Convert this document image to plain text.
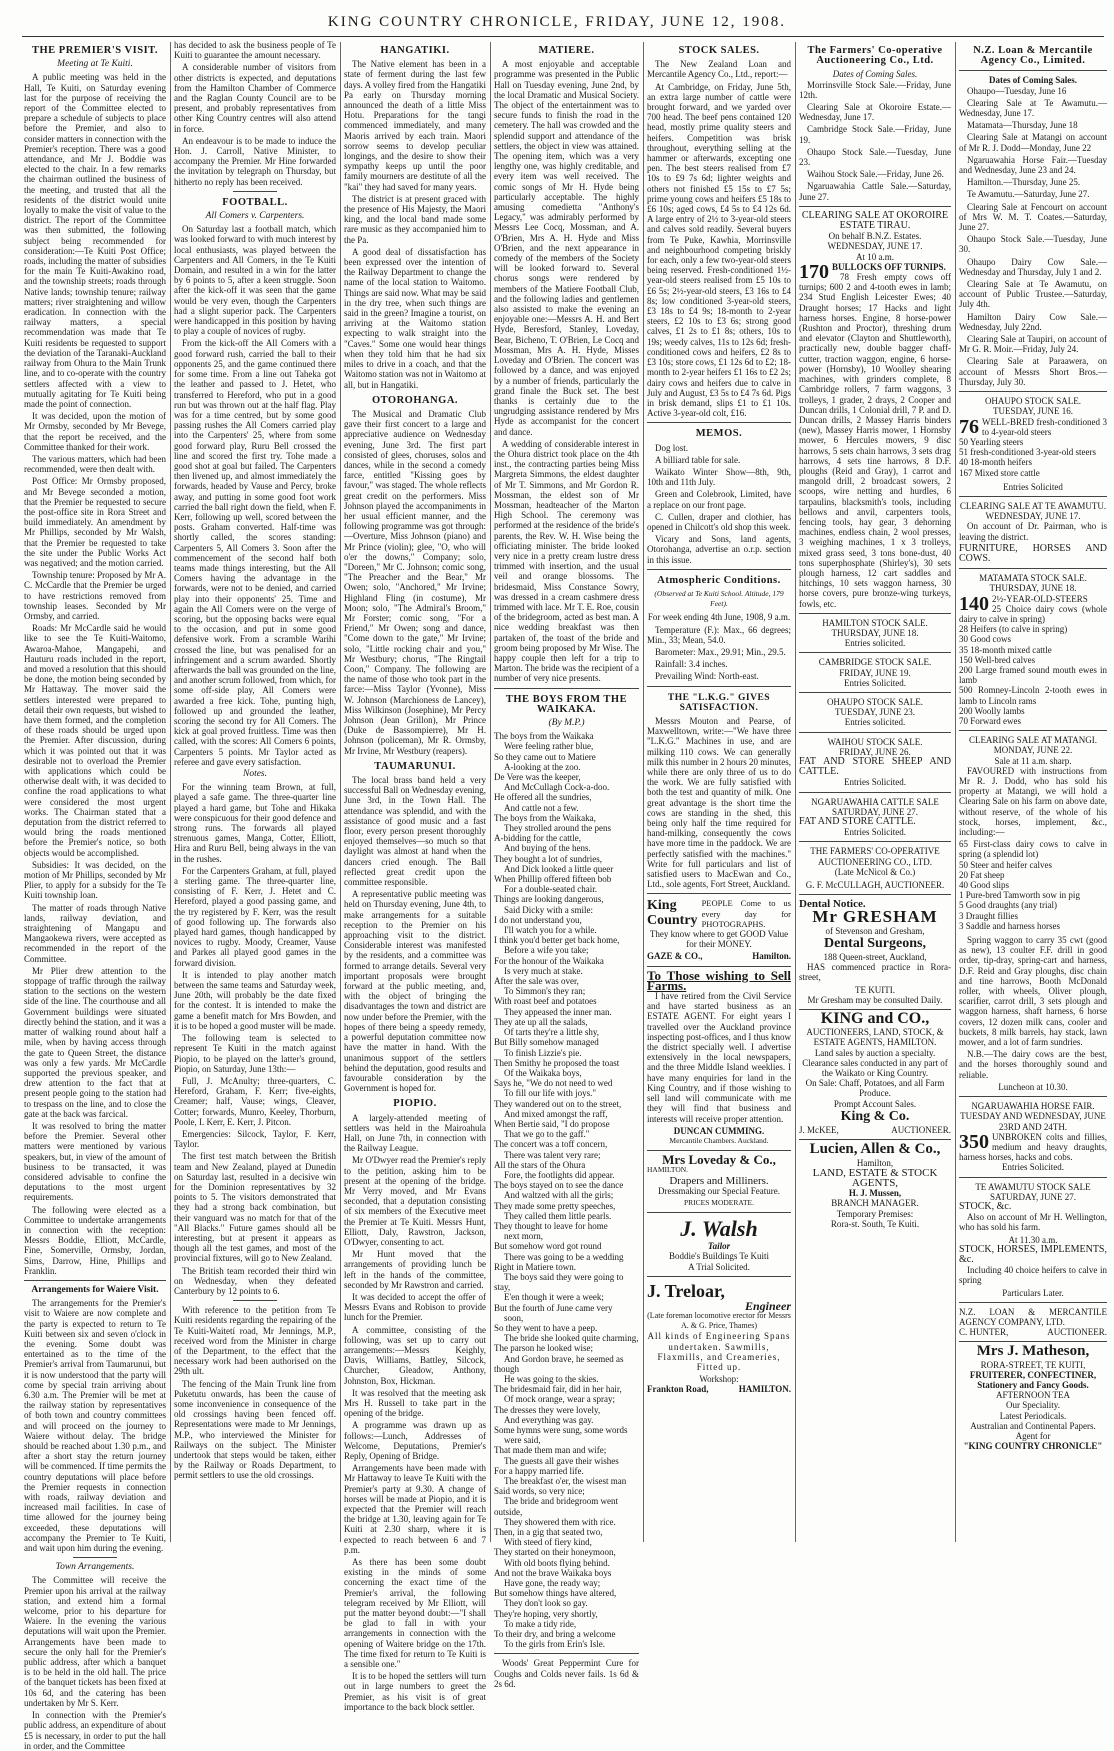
KING COUNTRY CHRONICLE, FRIDAY, JUNE 12, 1908.
THE PREMIER'S VISIT.
Meeting at Te Kuiti.

A public meeting was held in the Hall, Te Kuiti, on Saturday evening last for the purpose of receiving the report of the Committee elected to prepare a schedule of subjects to place before the Premier, and also to consider matters in connection with the Premier's reception. There was a good attendance, and Mr J. Boddie was elected to the chair. In a few remarks the chairman outlined the business of the meeting, and trusted that all the residents of the district would unite loyally to make the visit of value to the district. The report of the Committee was then submitted, the following subject being recommended for consideration:—Te Kuiti Post Office; roads, including the matter of subsidies for the main Te Kuiti-Awakino road, and the township streets; roads through Native lands; township tenure; railway matters; river straightening and willow eradication. In connection with the railway matters, a special recommendation was made that Te Kuiti residents be requested to support the deviation of the Taranaki-Auckland railway from Ohura to the Main Trunk line, and to co-operate with the country settlers affected with a view to mutually agitating for Te Kuiti being made the point of connection.

It was decided, upon the motion of Mr Ormsby, seconded by Mr Bevege, that the report be received, and the Committee thanked for their work.

The various matters, which had been recommended, were then dealt with.

Post Office: Mr Ormsby proposed, and Mr Bevege seconded a motion, that the Premier be requested to secure the post-office site in Rora Street and build immediately. An amendment by Mr Phillips, seconded by Mr Walsh, that the Premier be requested to take the site under the Public Works Act was negatived; and the motion carried.

Township tenure: Proposed by Mr A. C. McCardle that the Premier be urged to have restrictions removed from township leases. Seconded by Mr Ormsby, and carried.

Roads: Mr McCardle said he would like to see the Te Kuiti-Waitomo, Awaroa-Mahoe, Mangapehi, and Hauturu roads included in the report, and moved a resolution that this should be done, the motion being seconded by Mr Hattaway. The mover said the settlers interested were prepared to detail their own requests, but wished to have them formed, and the completion of these roads should be urged upon the Premier. After discussion, during which it was pointed out that it was desirable not to overload the Premier with applications which could be otherwise dealt with, it was decided to confine the road applications to what were considered the most urgent works. The Chairman stated that a deputation from the district referred to would bring the roads mentioned before the Premier's notice, so both objects would be accomplished.

Subsidies: It was decided, on the motion of Mr Phillips, seconded by Mr Plier, to apply for a subsidy for the Te Kuiti township loan.

The matter of roads through Native lands, railway deviation, and straightening of Mangapu and Mangaokewa rivers, were accepted as recommended in the report of the Committee.

Mr Plier drew attention to the stoppage of traffic through the railway station to the sections on the western side of the line. The courthouse and all Government buildings were situated directly behind the station, and it was a matter of walking round about half a mile, when by having access through the gate to Queen Street, the distance was only a few yards. Mr McCardle supported the previous speaker, and drew attention to the fact that at present people going to the station had to trespass on the line, and to close the gate at the back was farcical.

It was resolved to bring the matter before the Premier. Several other matters were mentioned by various speakers, but, in view of the amount of business to be transacted, it was considered advisable to confine the deputations to the most urgent requirements.

The following were elected as a Committee to undertake arrangements in connection with the reception: Messrs Boddie, Elliott, McCardle, Fine, Somerville, Ormsby, Jordan, Sims, Darrow, Hine, Phillips and Franklin.

Arrangements for Waiere Visit.

The arrangements for the Premier's visit to Waiere are now complete and the party is expected to return to Te Kuiti between six and seven o'clock in the evening. Some doubt was entertained as to the time of the Premier's arrival from Taumarunui, but it is now understood that the party will come by special train arriving about 6.30 a.m. The Premier will be met at the railway station by representatives of both town and country committees and will proceed on the journey to Waiere without delay. The bridge should be reached about 1.30 p.m., and after a short stay the return journey will be commenced. If time permits the country deputations will place before the Premier requests in connection with roads, railway deviation and increased mail facilities. In case of time allowed for the journey being exceeded, these deputations will accompany the Premier to Te Kuiti, and wait upon him during the evening.

Town Arrangements.

The Committee will receive the Premier upon his arrival at the railway station, and extend him a formal welcome, prior to his departure for Waiere. In the evening the various deputations will wait upon the Premier. Arrangements have been made to secure the only hall for the Premier's public address, after which a banquet is to be held in the old hall. The price of the banquet tickets has been fixed at 10s 6d, and the catering has been undertaken by Mr S. Kerr.

In connection with the Premier's public address, an expenditure of about £5 is necessary, in order to put the hall in order, and the Committee

has decided to ask the business people of Te Kuiti to guarantee the amount necessary.

A considerable number of visitors from other districts is expected, and deputations from the Hamilton Chamber of Commerce and the Raglan County Council are to be present, and probably representatives from other King Country centres will also attend in force.

An endeavour is to be made to induce the Hon. J. Carroll, Native Minister, to accompany the Premier. Mr Hine forwarded the invitation by telegraph on Thursday, but hitherto no reply has been received.

FOOTBALL.
All Comers v. Carpenters.

On Saturday last a football match, which was looked forward to with much interest by local enthusiasts, was played between the Carpenters and All Comers, in the Te Kuiti Domain, and resulted in a win for the latter by 6 points to 5, after a keen struggle. Soon after the kick-off it was seen that the game would be very even, though the Carpenters had a slight superior pack. The Carpenters were handicapped in this position by having to play a couple of novices of rugby.

From the kick-off the All Comers with a good forward rush, carried the ball to their opponents 25, and the game continued there for some time. From a line out Taheka got the leather and passed to J. Hetet, who transferred to Hereford, who put in a good run but was thrown out at the half flag. Play was for a time centred, but by some good passing rushes the All Comers carried play into the Carpenters' 25, where from some good forward play, Ruru Bell crossed the line and scored the first try. Tohe made a good shot at goal but failed. The Carpenters then livened up, and almost immediately the forwards, headed by Vause and Percy, broke away, and putting in some good foot work carried the ball right down the field, when F. Kerr, following up well, scored between the posts. Graham converted. Half-time was shortly called, the scores standing: Carpenters 5, All Comers 3. Soon after the commencement of the second half both teams made things interesting, but the All Comers having the advantage in the forwards, were not to be denied, and carried play into their opponents' 25. Time and again the All Comers were on the verge of scoring, but the opposing backs were equal to the occasion, and put in some good defensive work. From a scramble Warihi crossed the line, but was penalised for an infringement and a scrum awarded. Shortly afterwards the ball was grounded on the line, and another scrum followed, from which, for some off-side play, All Comers were awarded a free kick. Tohe, punting high, followed up and grounded the leather, scoring the second try for All Comers. The kick at goal proved fruitless. Time was then called, with the scores: All Comers 6 points, Carpenters 5 points. Mr Taylor acted as referee and gave every satisfaction.

Notes.

For the winning team Brown, at full, played a safe game. The three-quarter line played a hard game, but Tohe and Hikaka were conspicuous for their good defence and strong runs. The forwards all played strenuous games, Manga, Cotter, Elliott, Hira and Ruru Bell, being always in the van in the rushes.

For the Carpenters Graham, at full, played a sterling game. The three-quarter line, consisting of F. Kerr, J. Hetet and C. Hereford, played a good passing game, and the try registered by F. Kerr, was the result of good following up. The forwards also played hard games, though handicapped by novices to rugby. Moody, Creamer, Vause and Parkes all played good games in the forward division.

It is intended to play another match between the same teams and Saturday week, June 20th, will probably be the date fixed for the contest. It is intended to make the game a benefit match for Mrs Bowden, and it is to be hoped a good muster will be made.

The following team is selected to represent Te Kuiti in the match against Piopio, to be played on the latter's ground, Piopio, on Saturday, June 13th:—

Full, J. McAnulty; three-quarters, C. Hereford, Graham, F. Kerr; five-eights, Creamer; half, Vause; wings, Cleaver, Cotter; forwards, Munro, Keeley, Thorburn, Poole, I. Kerr, E. Kerr, J. Pitcon.

Emergencies: Silcock, Taylor, F. Kerr, Taylor.

The first test match between the British team and New Zealand, played at Dunedin on Saturday last, resulted in a decisive win for the Dominion representatives by 32 points to 5. The visitors demonstrated that they had a strong back combination, but their vanguard was no match for that of the "All Blacks." Future games should all be interesting, but at present it appears as though all the test games, and most of the provincial fixtures, will go to New Zealand.

The British team recorded their third win on Wednesday, when they defeated Canterbury by 12 points to 6.

With reference to the petition from Te Kuiti residents regarding the repairing of the Te Kuiti-Waitetí road, Mr Jennings, M.P., received word from the Minister in charge of the Department, to the effect that the necessary work had been authorised on the 29th ult.

The fencing of the Main Trunk line from Puketutu onwards, has been the cause of some inconvenience in consequence of the old crossings having been fenced off. Representations were made to Mr Jennings, M.P., who interviewed the Minister for Railways on the subject. The Minister undertook that steps would be taken, either by the Railway or Roads Department, to permit settlers to use the old crossings.

HANGATIKI.

The Native element has been in a state of ferment during the last few days. A volley fired from the Hangatiki Pa early on Thursday morning announced the death of a little Miss Hotu. Preparations for the tangi commenced immediately, and many Maoris arrived by each train. Maori sorrow seems to develop peculiar longings, and the desire to show their sympathy keeps up until the poor family mourners are destitute of all the "kai" they had saved for many years.

The district is at present graced with the presence of His Majesty, the Maori king, and the local band made some rare music as they accompanied him to the Pa.

A good deal of dissatisfaction has been expressed over the intention of the Railway Department to change the name of the local station to Waitomo. Things are said now. What may be said in the dry tree, when such things are said in the green? Imagine a tourist, on arriving at the Waitomo station expecting to walk straight into the "Caves." Some one would hear things when they told him that he had six miles to drive in a coach, and that the Waitomo station was not in Waitomo at all, but in Hangatiki.

OTOROHANGA.

The Musical and Dramatic Club gave their first concert to a large and appreciative audience on Wednesday evening, June 3rd. The first part consisted of glees, choruses, solos and dances, while in the second a comedy farce, entitled "Kissing goes by favour," was staged. The whole reflects great credit on the performers. Miss Johnson played the accompaniments in her usual efficient manner, and the following programme was got through:—Overture, Miss Johnson (piano) and Mr Prince (violin); glee, "O, who will o'er the downs," Company; solo, "Doreen," Mr C. Johnson; comic song, "The Preacher and the Bear," Mr Owen; solo, "Anchored," Mr Irvine; Highland Fling (in costume), Mr Moon; solo, "The Admiral's Broom," Mr Forster; comic song, "For a Friend," Mr Owen; song and dance, "Come down to the gate," Mr Irvine; solo, "Little rocking chair and you," Mr Westbury; chorus, "The Ringtail Coon," Company. The following are the name of those who took part in the farce:—Miss Taylor (Yvonne), Miss W. Johnson (Marchioness de Lancey), Miss Wilkinson (Josephine), Mr Percy Johnson (Jean Grillon), Mr Prince (Duke de Bassompierre), Mr H. Johnson (policeman), Mr R. Ormsby, Mr Irvine, Mr Westbury (reapers).

TAUMARUNUI.

The local brass band held a very successful Ball on Wednesday evening, June 3rd, in the Town Hall. The attendance was splendid, and with the assistance of good music and a fast floor, every person present thoroughly enjoyed themselves—so much so that daylight was almost at hand when the dancers cried enough. The Ball reflected great credit upon the committee responsible.

A representative public meeting was held on Thursday evening, June 4th, to make arrangements for a suitable reception to the Premier on his approaching visit to the district. Considerable interest was manifested by the residents, and a committee was formed to arrange details. Several very important proposals were brought forward at the public meeting, and, with the object of bringing the disadvantages the town and district are now under before the Premier, with the hopes of there being a speedy remedy, a powerful deputation committee now have the matter in hand. With the unanimous support of the settlers behind the deputation, good results and favourable consideration by the Government is hoped for.

PIOPIO.

A largely-attended meeting of settlers was held in the Mairoahula Hall, on June 7th, in connection with the Railway League.

Mr O'Dwyer read the Premier's reply to the petition, asking him to be present at the opening of the bridge. Mr Verry moved, and Mr Evans seconded, that a deputation consisting of six members of the Executive meet the Premier at Te Kuiti. Messrs Hunt, Elliott, Daly, Rawstron, Jackson, O'Dwyer, consenting to act.

Mr Hunt moved that the arrangements of providing lunch be left in the hands of the committee, seconded by Mr Rawstron and carried.

It was decided to accept the offer of Messrs Evans and Robison to provide lunch for the Premier.

A committee, consisting of the following, was set up to carry out arrangements:—Messrs Keighly, Davis, Williams, Battley, Silcock, Churcher, Gleadow, Anthony, Johnston, Box, Hickman.

It was resolved that the meeting ask Mrs H. Russell to take part in the opening of the bridge.

A programme was drawn up as follows:—Lunch, Addresses of Welcome, Deputations, Premier's Reply, Opening of Bridge.

Arrangements have been made with Mr Hattaway to leave Te Kuiti with the Premier's party at 9.30. A change of horses will be made at Piopio, and it is expected that the Premier will reach the bridge at 1.30, leaving again for Te Kuiti at 2.30 sharp, where it is expected to reach between 6 and 7 p.m.

As there has been some doubt existing in the minds of some concerning the exact time of the Premier's arrival, the following telegram received by Mr Elliott, will put the matter beyond doubt:—"I shall be glad to fall in with your arrangements in connection with the opening of Waitere bridge on the 17th. The time fixed for return to Te Kuiti is a sensible one."

It is to be hoped the settlers will turn out in large numbers to greet the Premier, as his visit is of great importance to the back block settler.

MATIERE.

A most enjoyable and acceptable programme was presented in the Public Hall on Tuesday evening, June 2nd, by the local Dramatic and Musical Society. The object of the entertainment was to secure funds to finish the road in the cemetery. The hall was crowded and the splendid support and attendance of the settlers, the object in view was attained. The opening item, which was a very lengthy one, was highly creditable, and every item was well received. The comic songs of Mr H. Hyde being particularly acceptable. The highly amusing comedietta "Anthony's Legacy," was admirably performed by Messrs Lee Cocq, Mossman, and A. O'Brien, Mrs A. H. Hyde and Miss O'Brien, and the next appearance in comedy of the members of the Society will be looked forward to. Several chorus songs were rendered by members of the Matiere Football Club, and the following ladies and gentlemen also assisted to make the evening an enjoyable one:—Messrs A. H. and Bert Hyde, Beresford, Stanley, Loveday, Bear, Bicheno, T. O'Brien, Le Cocq and Mossman, Mrs A. H. Hyde, Misses Loveday and O'Brien. The concert was followed by a dance, and was enjoyed by a number of friends, particularly the grand finale the Buck set. The best thanks is certainly due to the ungrudging assistance rendered by Mrs Hyde as accompanist for the concert and dance.

A wedding of considerable interest in the Ohura district took place on the 4th inst., the contracting parties being Miss Margreta Simmons, the eldest daughter of Mr T. Simmons, and Mr Gordon R. Mossman, the eldest son of Mr Mossman, headteacher of the Marton High School. The ceremony was performed at the residence of the bride's parents, the Rev. W. H. Wise being the officiating minister. The bride looked very nice in a pretty cream lustre dress trimmed with insertion, and the usual veil and orange blossoms. The bridesmaid, Miss Constance Sowry, was dressed in a cream cashmere dress trimmed with lace. Mr T. E. Roe, cousin of the bridegroom, acted as best man. A nice wedding breakfast was then partaken of, the toast of the bride and groom being proposed by Mr Wise. The happy couple then left for a trip to Marton. The bride was the recipient of a number of very nice presents.

THE BOYS FROM THE WAIKAKA.
(By M.P.)

The boys from the Waikaka

Were feeling rather blue,

So they came out to Matiere

A-looking at the zoo.

De Vere was the keeper,

And McCullagh Cock-a-doo.

He offered all the sundries,

And cattle not a few.

The boys from the Waikaka,

They strolled around the pens

A-bidding for the cattle,

And buying of the hens.

They bought a lot of sundries,

And Dick looked a little queer

When Phillip offered fifteen bob

For a double-seated chair.

Things are looking dangerous,

Said Dicky with a smile:

I do not understand you,

I'll watch you for a while.

I think you'd better get back home,

Before a wife you take;

For the honour of the Waikaka

Is very much at stake.

After the sale was over,

To Simmon's they ran;

With roast beef and potatoes

They appeased the inner man.

They ate up all the salads,

Of tarts they're a little shy,

But Billy somehow managed

To finish Lizzie's pie.

Then Smithy he proposed the toast

Of the Waikaka boys,

Says he, "We do not need to wed

To fill our life with joys."

They wandered out on to the street,

And mixed amongst the raff,

When Bertie said, "I do propose

That we go to the gaff."

The concert was a toff concern,

There was talent very rare;

All the stars of the Ohura

Fore, the footlights did appear.

The boys stayed on to see the dance

And waltzed with all the girls;

They made some pretty speeches,

They called them little pearls.

They thought to leave for home

next morn,

But somehow word got round

There was going to be a wedding

Right in Matiere town.

The boys said they were going to

stay,

E'en though it were a week;

But the fourth of June came very

soon,

So they went to have a peep.

The bride she looked quite charming,

The parson he looked wise;

And Gordon brave, he seemed as

though

He was going to the skies.

The bridesmaid fair, did in her hair,

Of mock orange, wear a spray;

The dresses they were lovely,

And everything was gay.

Some hymns were sung, some words

were said,

That made them man and wife;

The guests all gave their wishes

For a happy married life.

The breakfast o'er, the wisest man

Said words, so very nice;

The bride and bridegroom went

outside,

They showered them with rice.

Then, in a gig that seated two,

With steed of fiery kind,

They started on their honeymoon,

With old boots flying behind.

And not the brave Waikaka boys

Have gone, the ready way;

But somehow things have altered,

They don't look so gay.

They're hoping, very shortly,

To make a tidy ride,

To their dry, and bring a welcome

To the girls from Erin's Isle.

Woods' Great Peppermint Cure for Coughs and Colds never fails. 1s 6d & 2s 6d.

STOCK SALES.

The New Zealand Loan and Mercantile Agency Co., Ltd., report:—

At Cambridge, on Friday, June 5th, an extra large number of cattle were brought forward, and we yarded over 700 head. The beef pens contained 120 head, mostly prime quality steers and heifers. Competition was brisk throughout, everything selling at the hammer or afterwards, excepting one pen. The best steers realised from £7 10s to £9 7s 6d; lighter weights and others not finished £5 15s to £7 5s; prime young cows and heifers £5 18s to £6 10s; aged cows, £4 5s to £4 12s 6d. A large entry of 2½ to 3-year-old steers and calves sold readily. Several buyers from Te Puke, Kawhia, Morrinsville and neighbourhood competing briskly for each, only a few two-year-old steers being reserved. Fresh-conditioned 1½-year-old steers realised from £5 10s to £6 5s; 2½-year-old steers, £3 16s to £4 8s; low conditioned 3-year-old steers, £3 18s to £4 9s; 18-month to 2-year steers, £2 10s to £3 6s; strong good calves, £1 2s to £1 8s; others, 10s to 19s; weedy calves, 11s to 12s 6d; fresh-conditioned cows and heifers, £2 8s to £3 10s; store cows, £1 12s 6d to £2; 18-month to 2-year heifers £1 16s to £2 2s; dairy cows and heifers due to calve in July and August, £3 5s to £4 7s 6d. Pigs in brisk demand, slips £1 to £1 10s. Active 3-year-old colt, £16.

MEMOS.

Dog lost.

A billiard table for sale.

Waikato Winter Show—8th, 9th, 10th and 11th July.

Green and Colebrook, Limited, have a replace on our front page.

C. Cullen, draper and clothier, has opened in Chilcott's old shop this week.

Vicary and Sons, land agents, Otorohanga, advertise an o.r.p. section in this issue.

Atmospheric Conditions.
(Observed at Te Kuiti School. Altitude, 179 Feet).

For week ending 4th June, 1908, 9 a.m.

Temperature (F.): Max., 66 degrees; Min., 33; Mean, 54.0.

Barometer: Max., 29.91; Min., 29.5.

Rainfall: 3.4 inches.

Prevailing Wind: North-east.

THE "L.K.G." GIVES SATISFACTION.

Messrs Mouton and Pearse, of Maxwelltown, write:—"We have three "L.K.G." Machines in use, and are milking 110 cows. We can generally milk this number in 2 hours 20 minutes, while there are only three of us to do the work. We are fully satisfied with both the test and quantity of milk. One great advantage is the short time the cows are standing in the shed, this being only half the time required for hand-milking, consequently the cows have more time in the paddock. We are perfectly satisfied with the machines." Write for full particulars and list of satisfied users to MacEwan and Co., Ltd., sole agents, Fort Street, Auckland.

King
Country
PEOPLE Come to us every day for PHOTOGRAPHS.

They know where to get GOOD Value for their MONEY.

GAZE & CO.,	Hamilton.
To Those wishing to Sell Farms.

I have retired from the Civil Service and have started business as an ESTATE AGENT. For eight years I travelled over the Auckland province inspecting post-offices, and I thus know the district specially well. I advertise extensively in the local newspapers, and the three Middle Island weeklies. I have many enquiries for land in the King Country, and if those wishing to sell land will communicate with me they will find that business and interests will receive proper attention.

DUNCAN CUMMING.
Mercantile Chambers. Auckland.
Mrs Loveday & Co.,
HAMILTON.
Drapers and Milliners.

Dressmaking our Special Feature.

PRICES MODERATE.
J. Walsh
Tailor
Boddie's Buildings Te Kuiti
A Trial Solicited.
J. Treloar,
Engineer
(Late foreman locomotive erector for Messrs A. & G. Price, Thames)

All kinds of Engineering Spans undertaken. Sawmills, Flaxmills, and Creameries, Fitted up.

Workshop:
Frankton Road,	HAMILTON.
The Farmers' Co-operative Auctioneering Co., Ltd.
Dates of Coming Sales.

Morrinsville Stock Sale.—Friday, June 12th.

Clearing Sale at Okoroire Estate.—Wednesday, June 17.

Cambridge Stock Sale.—Friday, June 19.

Ohaupo Stock Sale.—Tuesday, June 23.

Waihou Stock Sale.—Friday, June 26.

Ngaruawahia Cattle Sale.—Saturday, June 27.

CLEARING SALE AT OKOROIRE ESTATE TIRAU.
On behalf B.N.Z. Estates.
WEDNESDAY, JUNE 17.
At 10 a.m.
170 BULLOCKS OFF TURNIPS.

78 Fresh empty cows off turnips; 600 2 and 4-tooth ewes in lamb; 234 Stud English Leicester Ewes; 40 Draught horses; 17 Hacks and light harness horses. Engine, 8 horse-power (Rushton and Proctor), threshing drum and elevator (Clayton and Shuttleworth), practically new, double bagger chaff-cutter, traction waggon, engine, 6 horse-power (Hornsby), 10 Woolley shearing machines, with grinders complete, 8 Cambridge rollers, 7 farm waggons, 3 trolleys, 1 grader, 2 drays, 2 Cooper and Duncan drills, 1 Colonial drill, 7 P. and D. Duncan drills, 2 Massey Harris binders (new), Massey Harris mower, 1 Hornsby mower, 6 Hercules mowers, 9 disc harrows, 5 sets chain harrows, 3 sets drag harrows, 4 sets tine harrows, 8 D.F. ploughs (Reid and Gray), 1 carrot and mangold drill, 2 broadcast sowers, 2 scoops, wire netting and hurdles, 6 tarpaulins, blacksmith's tools, including bellows and anvil, carpenters tools, fencing tools, hay gear, 3 dehorning machines, endless chain, 2 wool presses, 3 weighing machines, 1 x 3 trolleys, mixed grass seed, 3 tons bone-dust, 40 tons superphosphate (Shirley's), 30 sets plough harness, 12 cart saddles and hitchings, 10 sets waggon harness, 30 horse covers, pure bronze-wing turkeys, fowls, etc.

HAMILTON STOCK SALE.
THURSDAY, JUNE 18.
Entries solicited.
CAMBRIDGE STOCK SALE.
FRIDAY, JUNE 19.
Entries Solicited.
OHAUPO STOCK SALE.
TUESDAY, JUNE 23.
Entries solicited.
WAIHOU STOCK SALE.
FRIDAY, JUNE 26.
FAT AND STORE SHEEP AND CATTLE.
Entries Solicited.
NGARUAWAHIA CATTLE SALE
SATURDAY, JUNE 27.
FAT AND STORE CATTLE.
Entries Solicited.
THE FARMERS' CO-OPERATIVE AUCTIONEERING CO., LTD.
(Late McNicol & Co.)
G. F. McCULLAGH, AUCTIONEER.
Dental Notice.
Mr GRESHAM
of Stevenson and Gresham,
Dental Surgeons,
188 Queen-street, Auckland,

HAS commenced practice in Rora-street,

TE KUITI.
Mr Gresham may be consulted Daily.
KING and CO.,
AUCTIONEERS, LAND, STOCK, & ESTATE AGENTS, HAMILTON.
Land sales by auction a specialty.
Clearance sales conducted in any part of the Waikato or King Country.
On Sale: Chaff, Potatoes, and all Farm Produce.
Prompt Account Sales.
King & Co.
J. McKEE,	AUCTIONEER.
Lucien, Allen & Co.,
Hamilton,
LAND, ESTATE & STOCK AGENTS,
H. J. Mussen,
BRANCH MANAGER.
Temporary Premises:
Rora-st. South, Te Kuiti.
N.Z. Loan & Mercantile Agency Co., Limited.
Dates of Coming Sales.

Ohaupo—Tuesday, June 16

Clearing Sale at Te Awamutu.—Wednesday, June 17.

Matamata—Thursday, June 18

Clearing Sale at Matangi on account of Mr R. J. Dodd—Monday, June 22

Ngaruawahia Horse Fair.—Tuesday and Wednesday, June 23 and 24.

Hamilton.—Thursday, June 25.

Te Awamutu.—Saturday, June 27.

Clearing Sale at Fencourt on account of Mrs W. M. T. Coates.—Saturday, June 27.

Ohaupo Stock Sale.—Tuesday, June 30.

Ohaupo Dairy Cow Sale.—Wednesday and Thursday, July 1 and 2.

Clearing Sale at Te Awamutu, on account of Public Trustee.—Saturday, July 4th.

Hamilton Dairy Cow Sale.—Wednesday, July 22nd.

Clearing Sale at Taupiri, on account of Mr G. R. Moir.—Friday, July 24.

Clearing Sale at Paraawera, on account of Messrs Short Bros.—Thursday, July 30.

OHAUPO STOCK SALE.
TUESDAY, JUNE 16.
76 WELL-BRED fresh-conditioned 3 to 4-year-old steers
50 Yearling steers
51 fresh-conditioned 3-year-old steers
40 18-month heifers
167 Mixed store cattle
Entries Solicited
CLEARING SALE AT TE AWAMUTU.
WEDNESDAY, JUNE 17.

On account of Dr. Pairman, who is leaving the district.

FURNITURE, HORSES AND COWS.
MATAMATA STOCK SALE.
THURSDAY, JUNE 18.
140 2½-YEAR-OLD-STEERS
25 Choice dairy cows (whole dairy to calve in spring)
28 Heifers (to calve in spring)
30 Good cows
35 18-month mixed cattle
150 Well-bred calves
200 Large framed sound mouth ewes in lamb
500 Romney-Lincoln 2-tooth ewes in lamb to Lincoln rams
200 Woolly lambs
70 Forward ewes
CLEARING SALE AT MATANGI.
MONDAY, JUNE 22.
Sale at 11 a.m. sharp.

FAVOURED with instructions from Mr R. J. Dodd, who has sold his property at Matangi, we will hold a Clearing Sale on his farm on above date, without reserve, of the whole of his stock, horses, implement, &c., including:—

65 First-class dairy cows to calve in spring (a splendid lot)
50 Steer and heifer calves
20 Fat sheep
40 Good slips
1 Pure-bred Tamworth sow in pig
5 Good draughts (any trial)
3 Draught fillies
3 Saddle and harness horses

Spring waggon to carry 35 cwt (good as new), 13 coulter F.F. drill in good order, tip-dray, spring-cart and harness, D.F. Reid and Gray ploughs, disc chain and tine harrows, Booth McDonald roller, with wheels, Oliver plough, scarifier, carrot drill, 3 sets plough and waggon harness, shaft harness, 6 horse covers, 12 dozen milk cans, cooler and buckets, 8 milk barrels, hay stack, lawn mower, and a lot of farm sundries.

N.B.—The dairy cows are the best, and the horses thoroughly sound and reliable.

Luncheon at 10.30.
NGARUAWAHIA HORSE FAIR.
TUESDAY AND WEDNESDAY, JUNE 23RD AND 24TH.
350 UNBROKEN colts and fillies, medium and heavy draughts, harness horses, hacks and cobs.
Entries Solicited.
TE AWAMUTU STOCK SALE
SATURDAY, JUNE 27.
STOCK, &c.

Also on account of Mr H. Wellington, who has sold his farm.

At 11.30 a.m.
STOCK, HORSES, IMPLEMENTS, &c.

Including 40 choice heifers to calve in spring

Particulars Later.
N.Z. LOAN & MERCANTILE AGENCY COMPANY, LTD.
C. HUNTER,	AUCTIONEER.
Mrs J. Matheson,
RORA-STREET, TE KUITI,
FRUITERER, CONFECTINER,
Stationery and Fancy Goods.
AFTERNOON TEA
Our Speciality.
Latest Periodicals.
Australian and Continental Papers.
Agent for
"KING COUNTRY CHRONICLE"
